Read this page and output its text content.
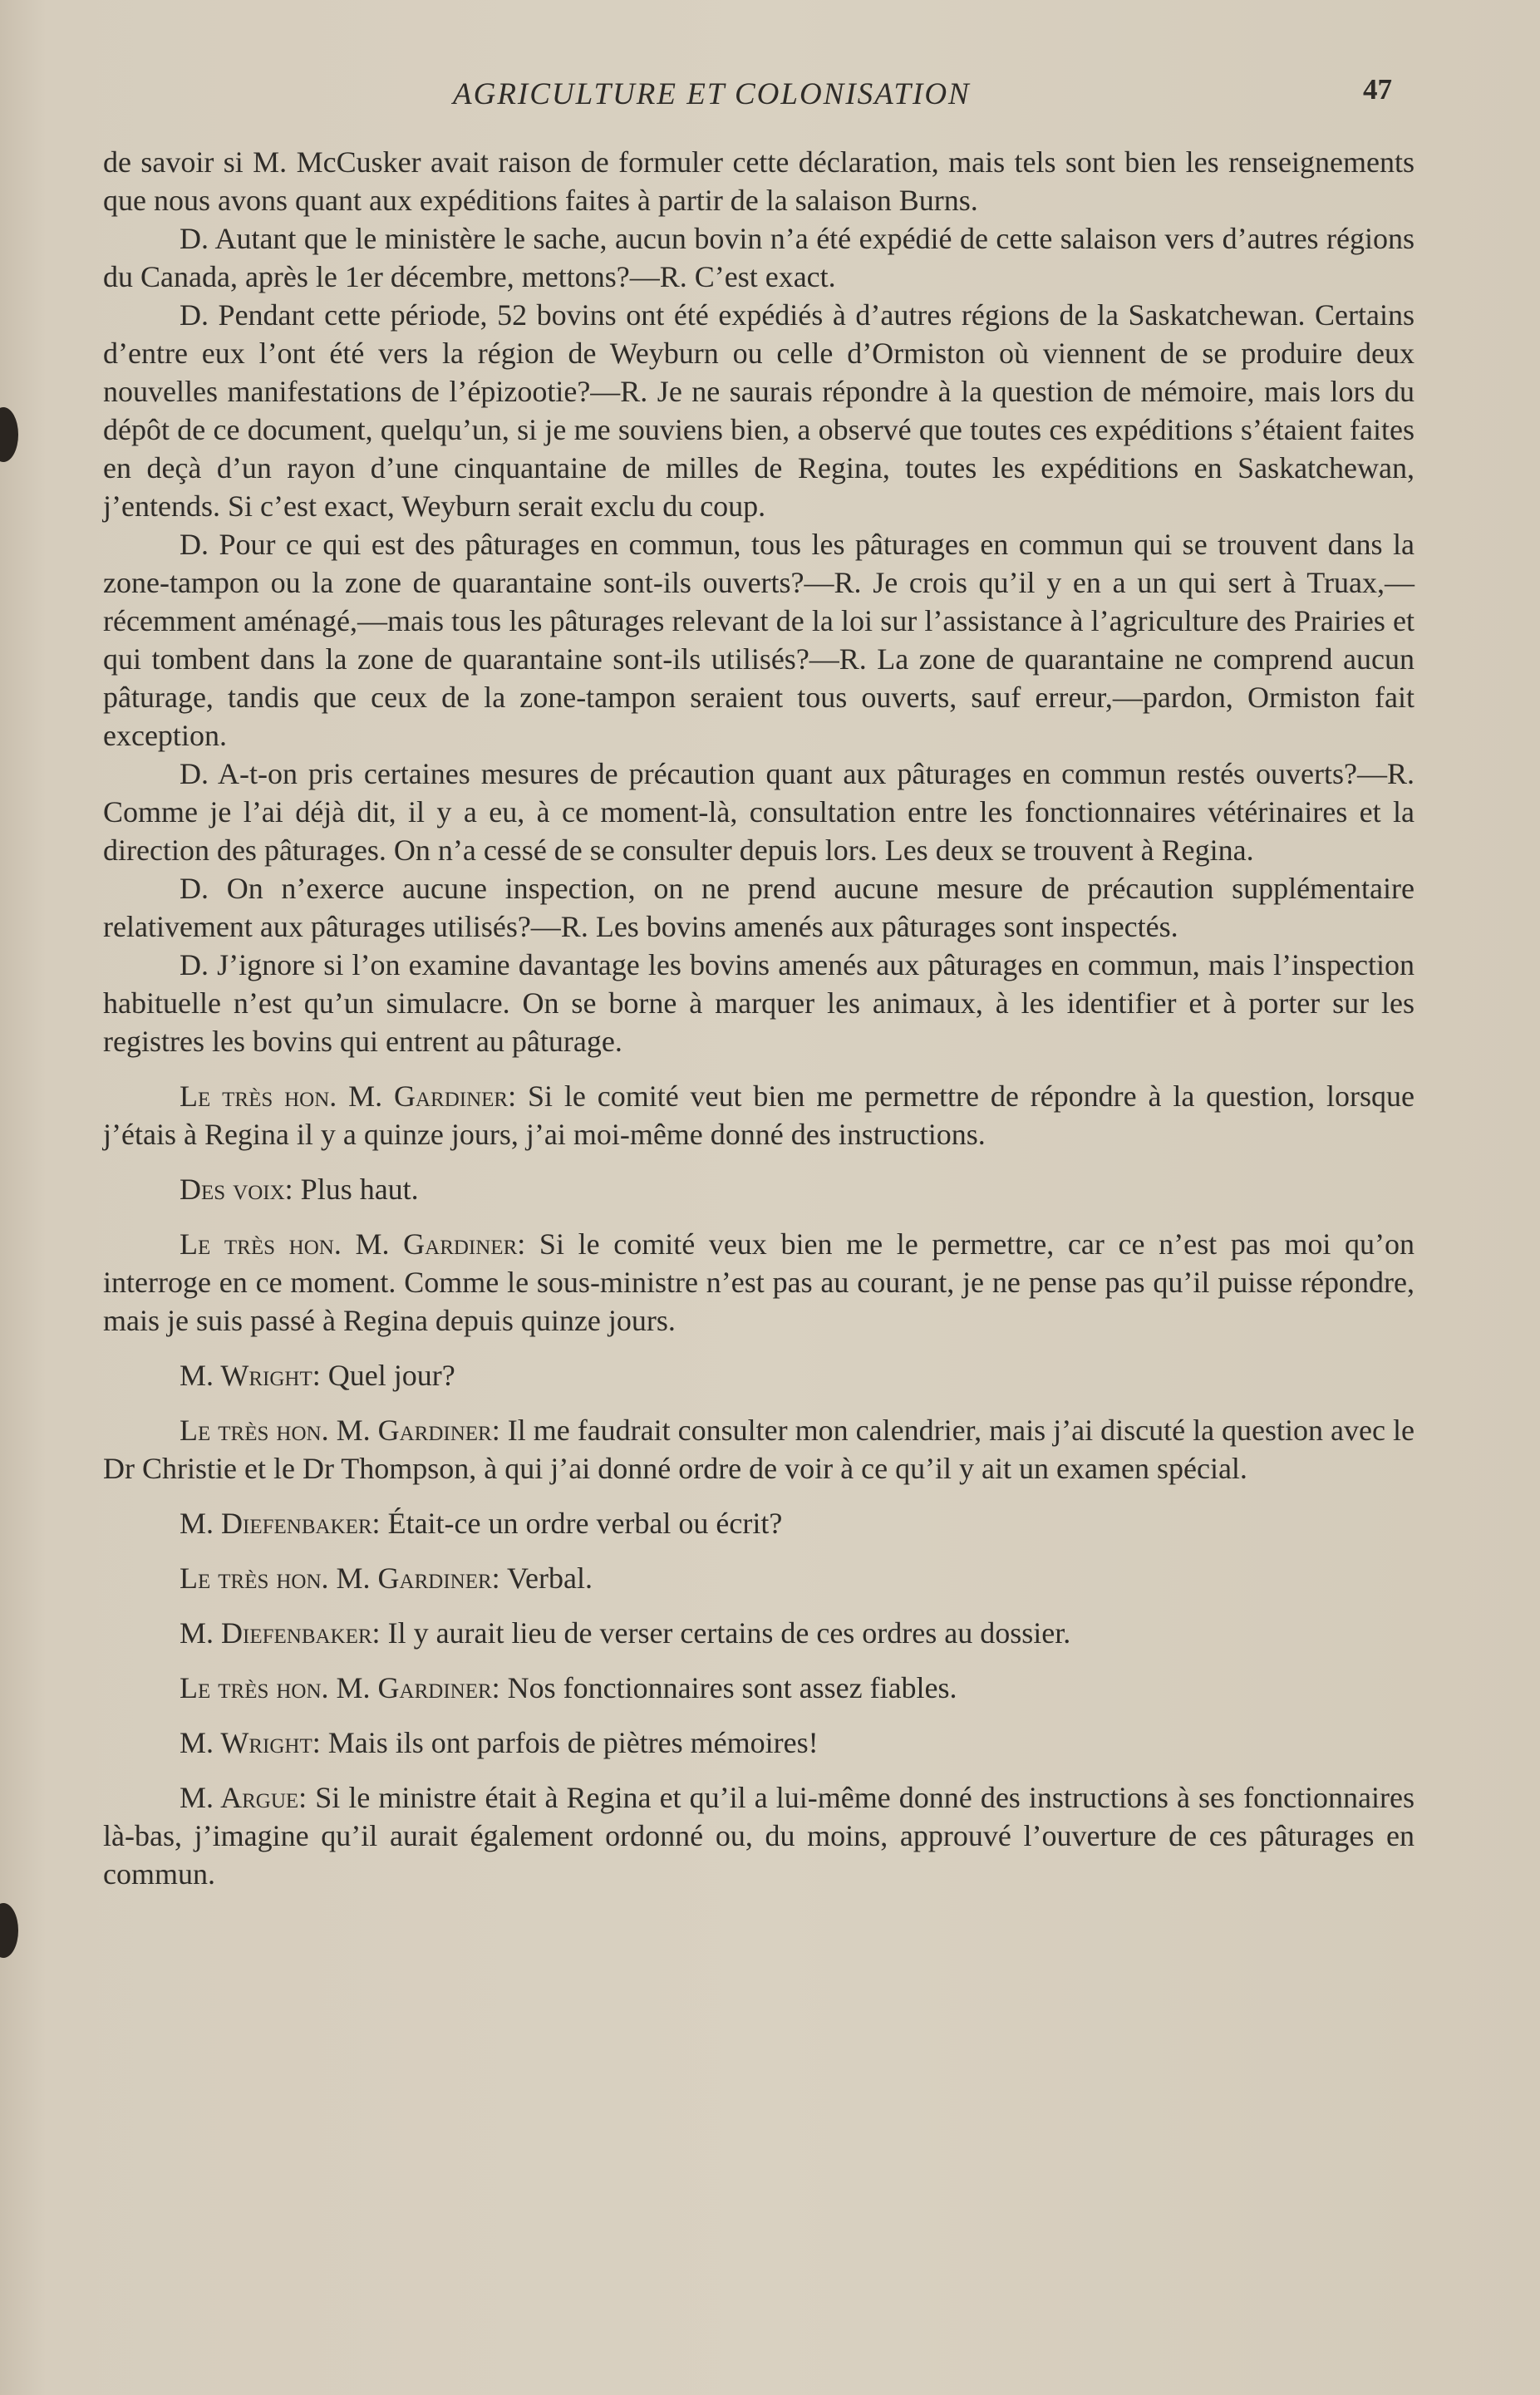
AGRICULTURE ET COLONISATION	47

de savoir si M. McCusker avait raison de formuler cette déclaration, mais tels sont bien les renseignements que nous avons quant aux expéditions faites à partir de la salaison Burns.

D. Autant que le ministère le sache, aucun bovin n’a été expédié de cette salaison vers d’autres régions du Canada, après le 1er décembre, mettons?—R. C’est exact.

D. Pendant cette période, 52 bovins ont été expédiés à d’autres régions de la Saskatchewan. Certains d’entre eux l’ont été vers la région de Weyburn ou celle d’Ormiston où viennent de se produire deux nouvelles manifestations de l’épizootie?—R. Je ne saurais répondre à la question de mémoire, mais lors du dépôt de ce document, quelqu’un, si je me souviens bien, a observé que toutes ces expéditions s’étaient faites en deçà d’un rayon d’une cinquantaine de milles de Regina, toutes les expéditions en Saskatchewan, j’entends. Si c’est exact, Weyburn serait exclu du coup.

D. Pour ce qui est des pâturages en commun, tous les pâturages en commun qui se trouvent dans la zone-tampon ou la zone de quarantaine sont-ils ouverts?—R. Je crois qu’il y en a un qui sert à Truax,—récemment aménagé,—mais tous les pâturages relevant de la loi sur l’assistance à l’agriculture des Prairies et qui tombent dans la zone de quarantaine sont-ils utilisés?—R. La zone de quarantaine ne comprend aucun pâturage, tandis que ceux de la zone-tampon seraient tous ouverts, sauf erreur,—pardon, Ormiston fait exception.

D. A-t-on pris certaines mesures de précaution quant aux pâturages en commun restés ouverts?—R. Comme je l’ai déjà dit, il y a eu, à ce moment-là, consultation entre les fonctionnaires vétérinaires et la direction des pâturages. On n’a cessé de se consulter depuis lors. Les deux se trouvent à Regina.

D. On n’exerce aucune inspection, on ne prend aucune mesure de précaution supplémentaire relativement aux pâturages utilisés?—R. Les bovins amenés aux pâturages sont inspectés.

D. J’ignore si l’on examine davantage les bovins amenés aux pâturages en commun, mais l’inspection habituelle n’est qu’un simulacre. On se borne à marquer les animaux, à les identifier et à porter sur les registres les bovins qui entrent au pâturage.

Le très hon. M. Gardiner: Si le comité veut bien me permettre de répondre à la question, lorsque j’étais à Regina il y a quinze jours, j’ai moi-même donné des instructions.

Des voix: Plus haut.

Le très hon. M. Gardiner: Si le comité veux bien me le permettre, car ce n’est pas moi qu’on interroge en ce moment. Comme le sous-ministre n’est pas au courant, je ne pense pas qu’il puisse répondre, mais je suis passé à Regina depuis quinze jours.

M. Wright: Quel jour?

Le très hon. M. Gardiner: Il me faudrait consulter mon calendrier, mais j’ai discuté la question avec le Dr Christie et le Dr Thompson, à qui j’ai donné ordre de voir à ce qu’il y ait un examen spécial.

M. Diefenbaker: Était-ce un ordre verbal ou écrit?

Le très hon. M. Gardiner: Verbal.

M. Diefenbaker: Il y aurait lieu de verser certains de ces ordres au dossier.

Le très hon. M. Gardiner: Nos fonctionnaires sont assez fiables.

M. Wright: Mais ils ont parfois de piètres mémoires!

M. Argue: Si le ministre était à Regina et qu’il a lui-même donné des instructions à ses fonctionnaires là-bas, j’imagine qu’il aurait également ordonné ou, du moins, approuvé l’ouverture de ces pâturages en commun.
